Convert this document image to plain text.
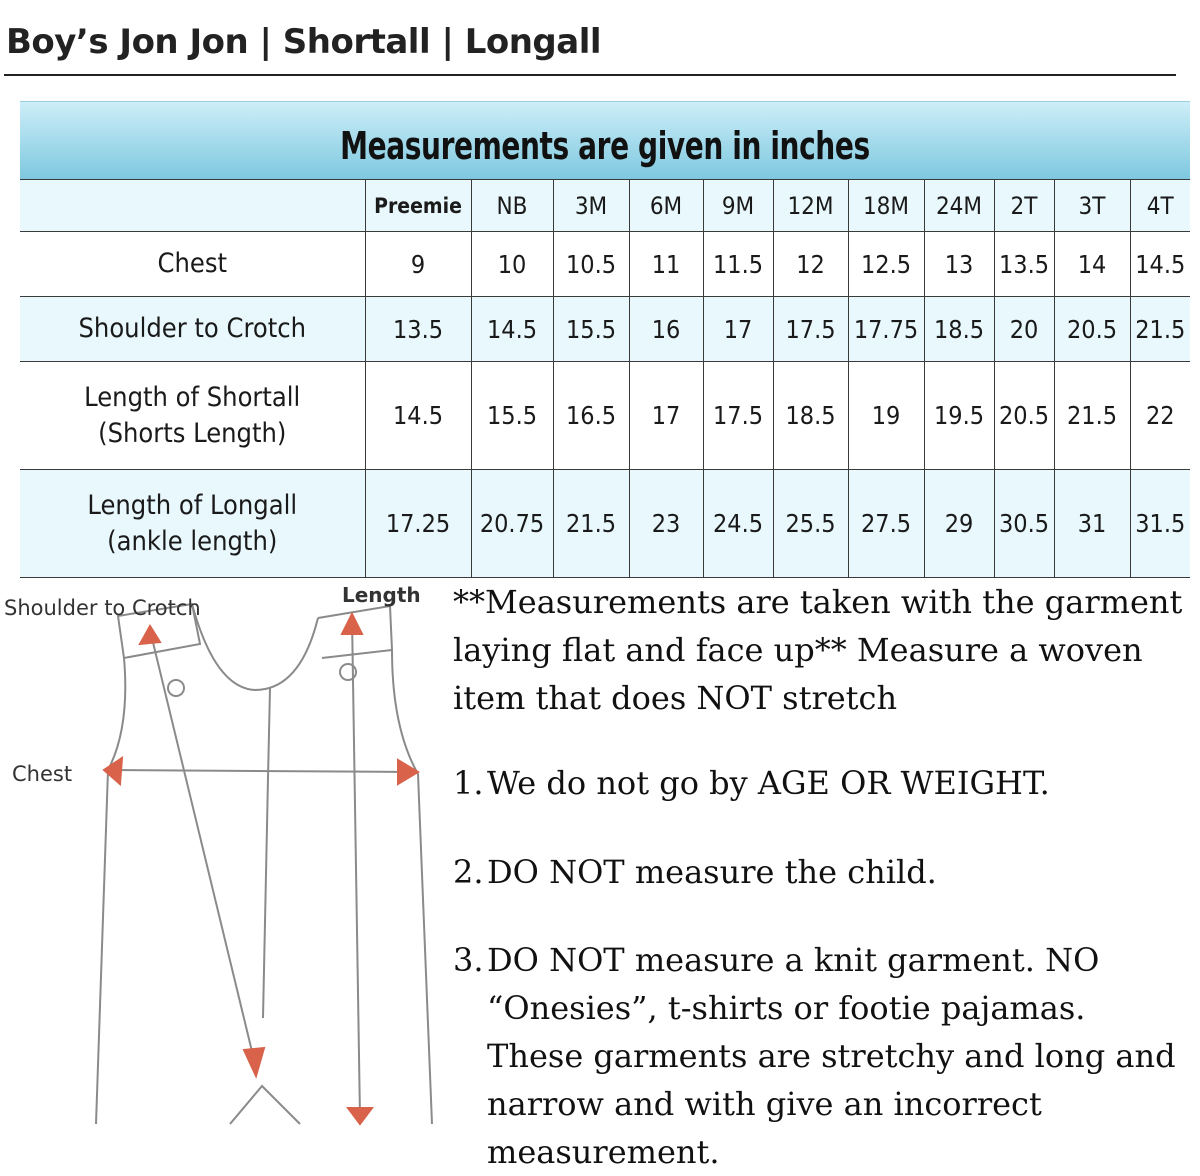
Boy’s Jon Jon | Shortall | Longall
Measurements are given in inches
	Preemie	NB	3M	6M	9M	12M	18M	24M	2T	3T	4T

Chest	9	10	10.5	11	11.5	12	12.5	13	13.5	14	14.5

Shoulder to Crotch	13.5	14.5	15.5	16	17	17.5	17.75	18.5	20	20.5	21.5

Length of Shortall
(Shorts Length)	14.5	15.5	16.5	17	17.5	18.5	19	19.5	20.5	21.5	22

Length of Longall
(ankle length)	17.25	20.75	21.5	23	24.5	25.5	27.5	29	30.5	31	31.5
Shoulder to Crotch
Length
Chest

**Measurements are taken with the garment laying flat and face up** Measure a woven item that does NOT stretch

1. We do not go by AGE OR WEIGHT.
2. DO NOT measure the child.
3. DO NOT measure a knit garment. NO “Onesies”, t-shirts or footie pajamas. These garments are stretchy and long and narrow and with give an incorrect measurement.
